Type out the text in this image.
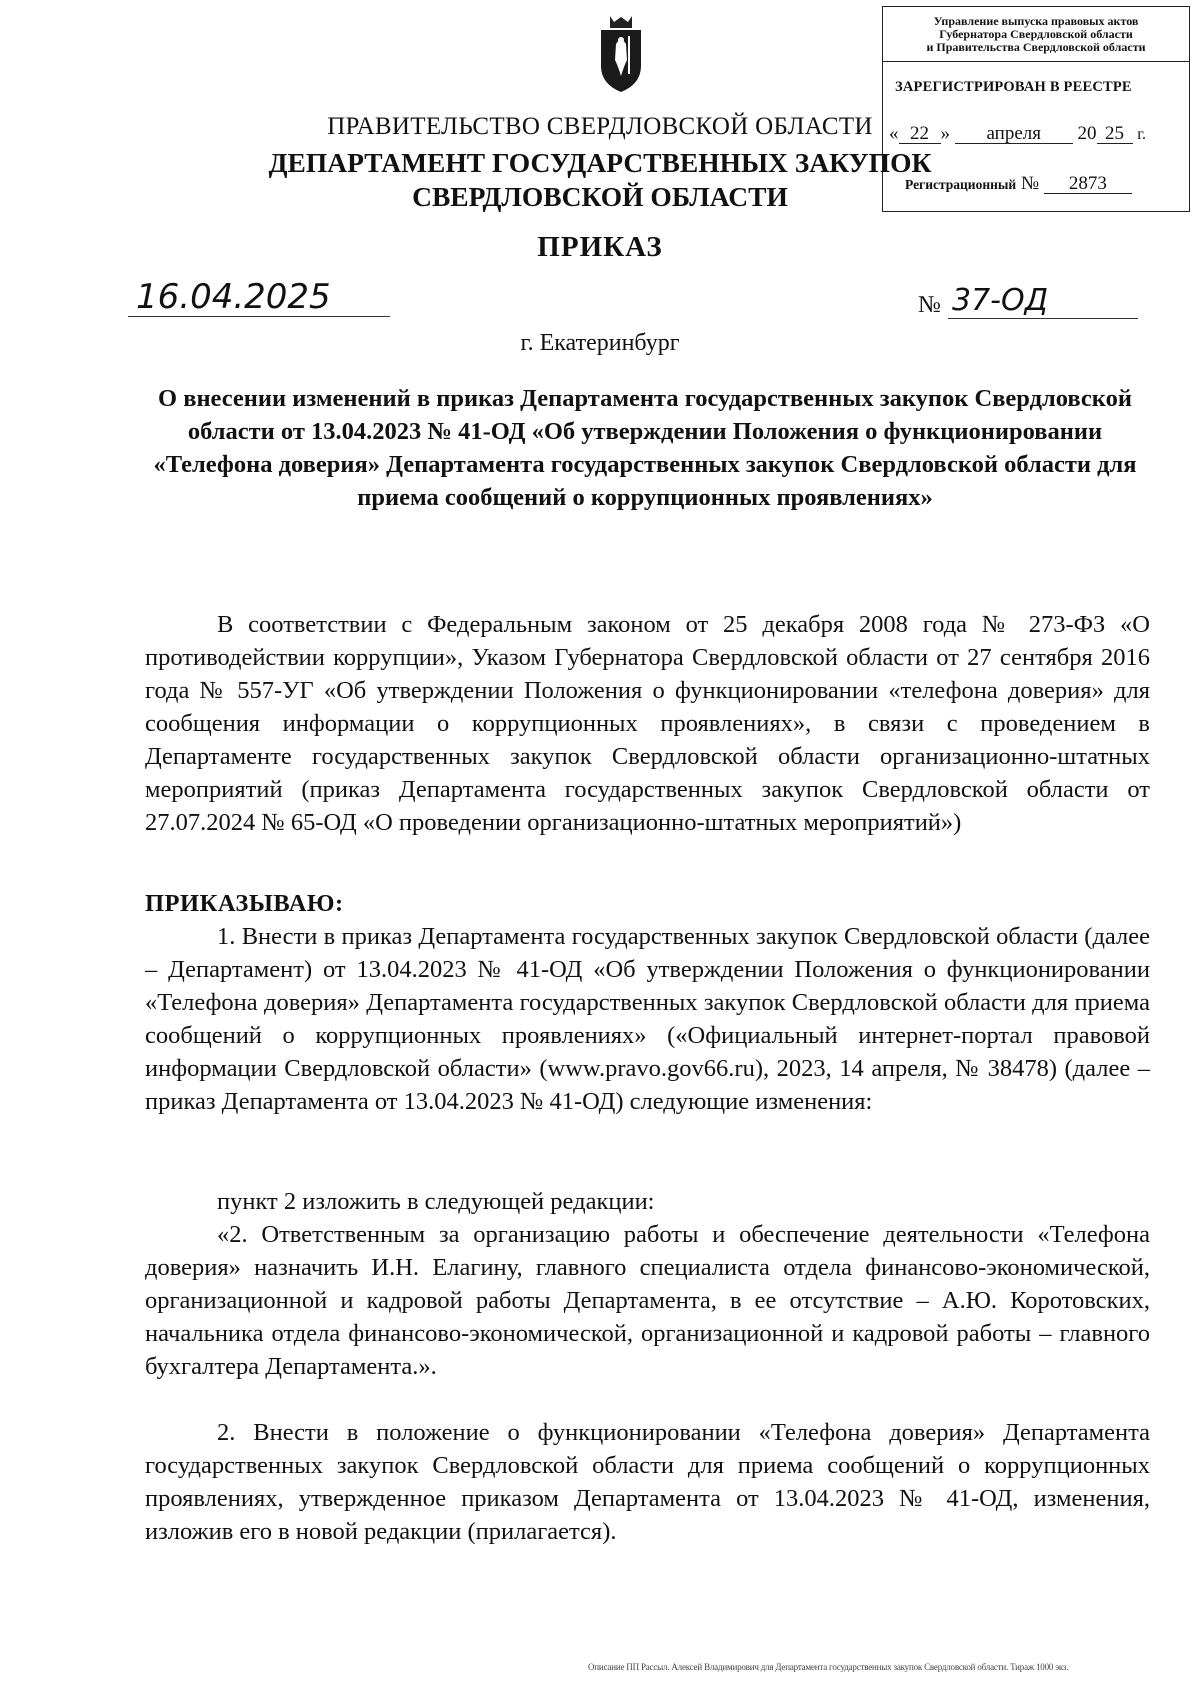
Управление выпуска правовых актов
Губернатора Свердловской области
и Правительства Свердловской области
ЗАРЕГИСТРИРОВАН В РЕЕСТРЕ
« 22 » апреля 20 25 г.
Регистрационный № 2873
ПРАВИТЕЛЬСТВО СВЕРДЛОВСКОЙ ОБЛАСТИ
ДЕПАРТАМЕНТ ГОСУДАРСТВЕННЫХ ЗАКУПОК
СВЕРДЛОВСКОЙ ОБЛАСТИ
ПРИКАЗ
16.04.2025	№ 37-ОД
г. Екатеринбург
О внесении изменений в приказ Департамента государственных закупок Свердловской области от 13.04.2023 № 41-ОД «Об утверждении Положения о функционировании «Телефона доверия» Департамента государственных закупок Свердловской области для приема сообщений о коррупционных проявлениях»
В соответствии с Федеральным законом от 25 декабря 2008 года № 273-ФЗ «О противодействии коррупции», Указом Губернатора Свердловской области от 27 сентября 2016 года № 557-УГ «Об утверждении Положения о функционировании «телефона доверия» для сообщения информации о коррупционных проявлениях», в связи с проведением в Департаменте государственных закупок Свердловской области организационно-штатных мероприятий (приказ Департамента государственных закупок Свердловской области от 27.07.2024 № 65-ОД «О проведении организационно-штатных мероприятий»)
ПРИКАЗЫВАЮ:
1. Внести в приказ Департамента государственных закупок Свердловской области (далее – Департамент) от 13.04.2023 № 41-ОД «Об утверждении Положения о функционировании «Телефона доверия» Департамента государственных закупок Свердловской области для приема сообщений о коррупционных проявлениях» («Официальный интернет-портал правовой информации Свердловской области» (www.pravo.gov66.ru), 2023, 14 апреля, № 38478) (далее – приказ Департамента от 13.04.2023 № 41-ОД) следующие изменения:
пункт 2 изложить в следующей редакции:
«2. Ответственным за организацию работы и обеспечение деятельности «Телефона доверия» назначить И.Н. Елагину, главного специалиста отдела финансово-экономической, организационной и кадровой работы Департамента, в ее отсутствие – А.Ю. Коротовских, начальника отдела финансово-экономической, организационной и кадровой работы – главного бухгалтера Департамента.».
2. Внести в положение о функционировании «Телефона доверия» Департамента государственных закупок Свердловской области для приема сообщений о коррупционных проявлениях, утвержденное приказом Департамента от 13.04.2023 № 41-ОД, изменения, изложив его в новой редакции (прилагается).
Описание ПП Рассыл. Алексей Владимирович для Департамента государственных закупок Свердловской области. Тираж 1000 экз.
